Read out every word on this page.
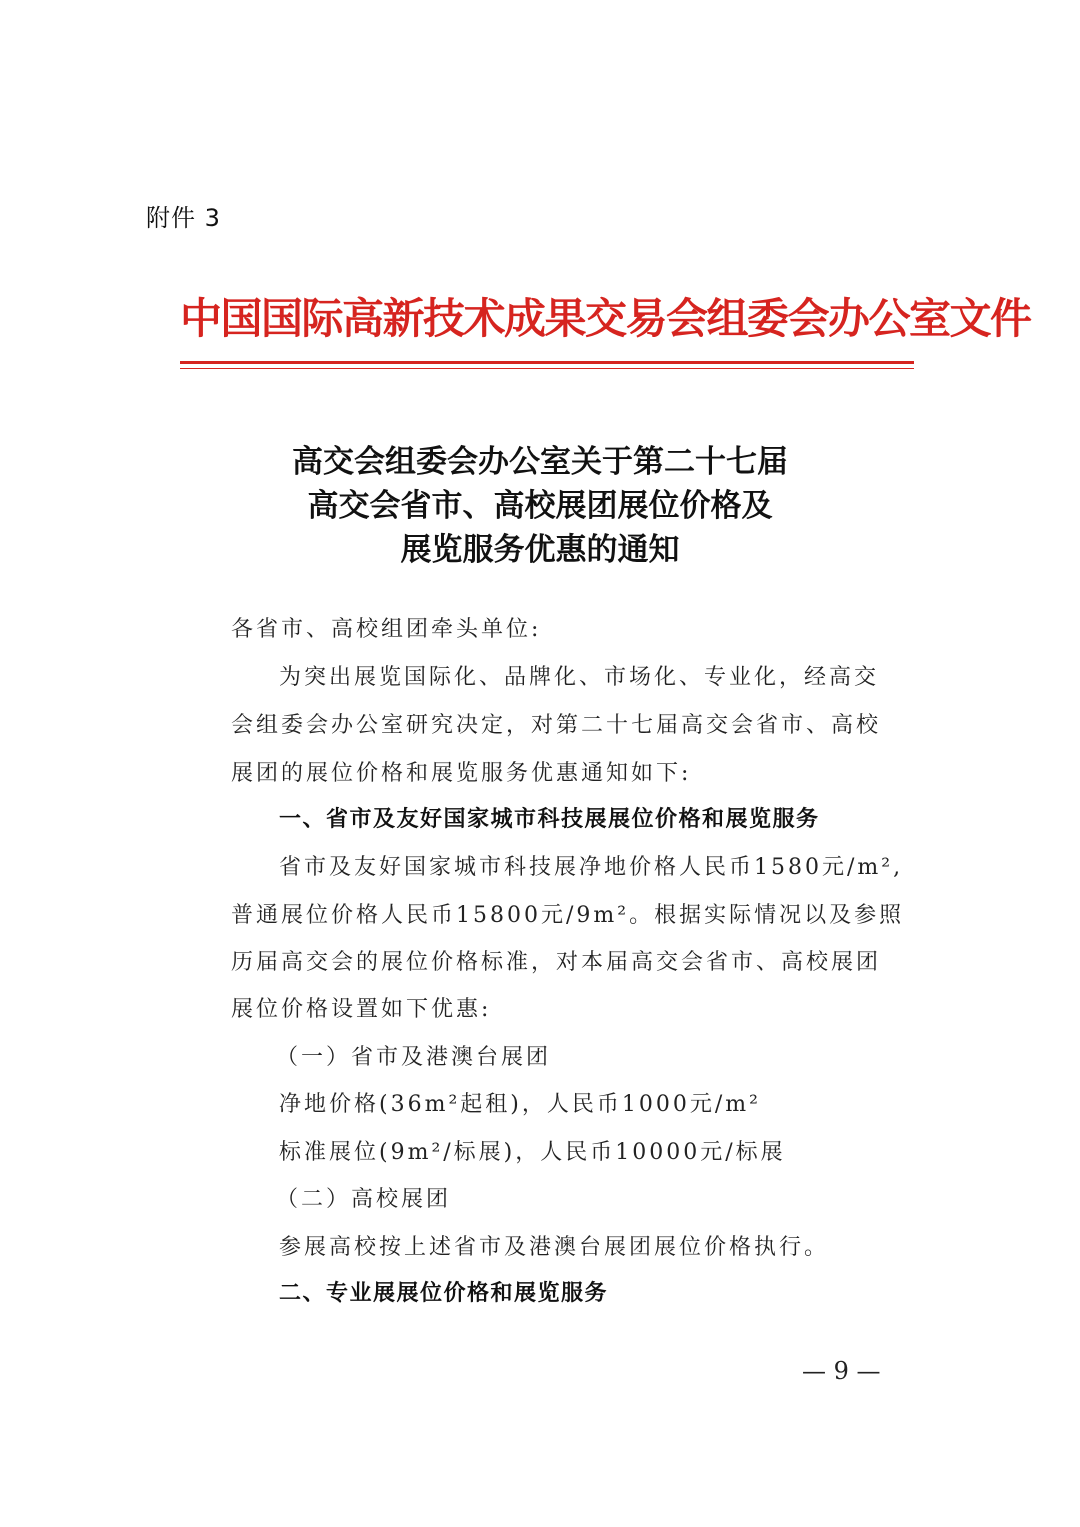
附件 3
中国国际高新技术成果交易会组委会办公室文件
高交会组委会办公室关于第二十七届
高交会省市、高校展团展位价格及
展览服务优惠的通知
各省市、高校组团牵头单位:
为突出展览国际化、品牌化、市场化、专业化，经高交
会组委会办公室研究决定，对第二十七届高交会省市、高校
展团的展位价格和展览服务优惠通知如下:
一、省市及友好国家城市科技展展位价格和展览服务
省市及友好国家城市科技展净地价格人民币1580元/m²,
普通展位价格人民币15800元/9m²。根据实际情况以及参照
历届高交会的展位价格标准，对本届高交会省市、高校展团
展位价格设置如下优惠:
（一）省市及港澳台展团
净地价格(36m²起租)，人民币1000元/m²
标准展位(9m²/标展)，人民币10000元/标展
（二）高校展团
参展高校按上述省市及港澳台展团展位价格执行。
二、专业展展位价格和展览服务
— 9 —
